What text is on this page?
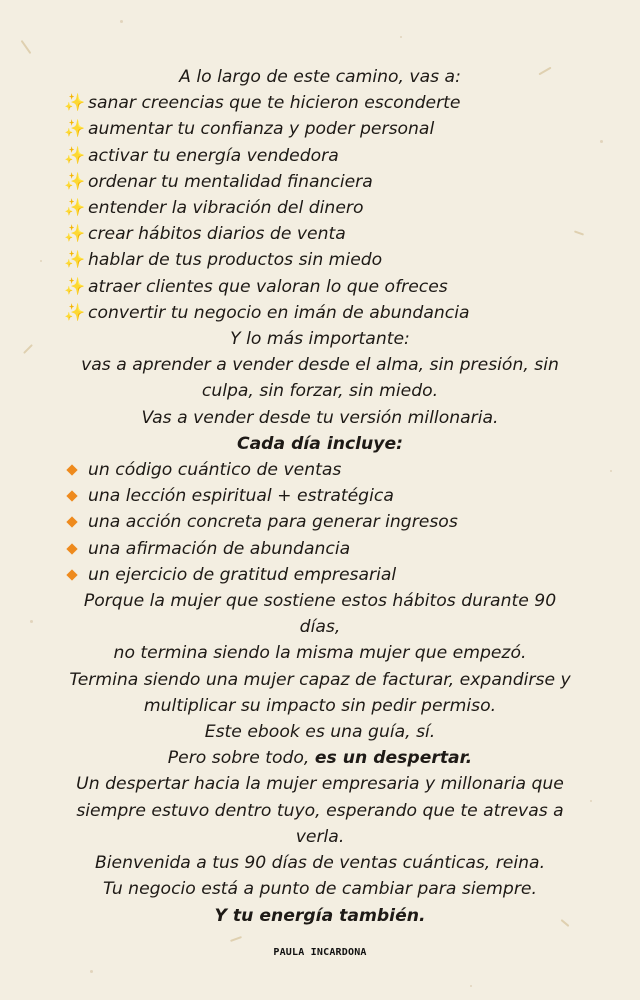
A lo largo de este camino, vas a:
✨ sanar creencias que te hicieron esconderte
✨ aumentar tu confianza y poder personal
✨ activar tu energía vendedora
✨ ordenar tu mentalidad financiera
✨ entender la vibración del dinero
✨ crear hábitos diarios de venta
✨ hablar de tus productos sin miedo
✨ atraer clientes que valoran lo que ofreces
✨ convertir tu negocio en imán de abundancia
Y lo más importante:
vas a aprender a vender desde el alma, sin presión, sin culpa, sin forzar, sin miedo.
Vas a vender desde tu versión millonaria.
Cada día incluye:
un código cuántico de ventas
una lección espiritual + estratégica
una acción concreta para generar ingresos
una afirmación de abundancia
un ejercicio de gratitud empresarial
Porque la mujer que sostiene estos hábitos durante 90 días,
no termina siendo la misma mujer que empezó.
Termina siendo una mujer capaz de facturar, expandirse y multiplicar su impacto sin pedir permiso.
Este ebook es una guía, sí.
Pero sobre todo, es un despertar.
Un despertar hacia la mujer empresaria y millonaria que siempre estuvo dentro tuyo, esperando que te atrevas a verla.
Bienvenida a tus 90 días de ventas cuánticas, reina.
Tu negocio está a punto de cambiar para siempre.
Y tu energía también.
PAULA INCARDONA
